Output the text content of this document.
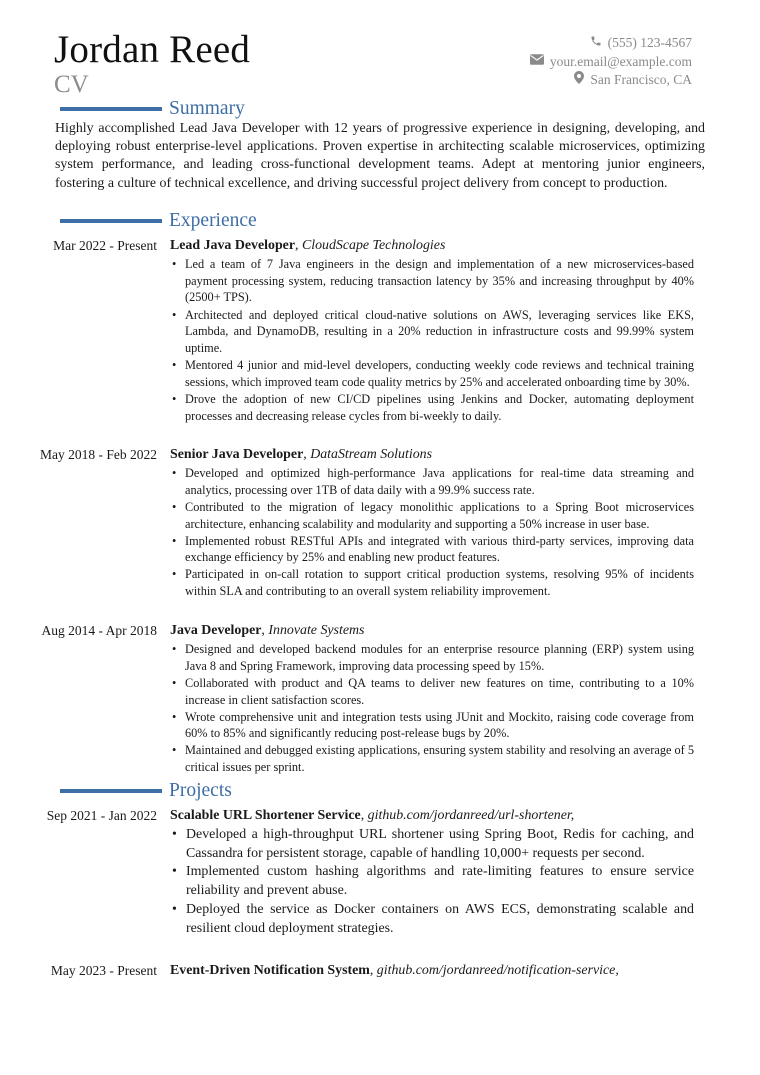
Jordan Reed
CV
(555) 123-4567
your.email@example.com
San Francisco, CA
Summary
Highly accomplished Lead Java Developer with 12 years of progressive experience in designing, developing, and deploying robust enterprise-level applications. Proven expertise in architecting scalable microservices, optimizing system performance, and leading cross-functional development teams. Adept at mentoring junior engineers, fostering a culture of technical excellence, and driving successful project delivery from concept to production.
Experience
Mar 2022 - Present Lead Java Developer, CloudScape Technologies
• Led a team of 7 Java engineers in the design and implementation of a new microservices-based payment processing system, reducing transaction latency by 35% and increasing throughput by 40% (2500+ TPS).
• Architected and deployed critical cloud-native solutions on AWS, leveraging services like EKS, Lambda, and DynamoDB, resulting in a 20% reduction in infrastructure costs and 99.99% system uptime.
• Mentored 4 junior and mid-level developers, conducting weekly code reviews and technical training sessions, which improved team code quality metrics by 25% and accelerated onboarding time by 30%.
• Drove the adoption of new CI/CD pipelines using Jenkins and Docker, automating deployment processes and decreasing release cycles from bi-weekly to daily.
May 2018 - Feb 2022 Senior Java Developer, DataStream Solutions
• Developed and optimized high-performance Java applications for real-time data streaming and analytics, processing over 1TB of data daily with a 99.9% success rate.
• Contributed to the migration of legacy monolithic applications to a Spring Boot microservices architecture, enhancing scalability and modularity and supporting a 50% increase in user base.
• Implemented robust RESTful APIs and integrated with various third-party services, improving data exchange efficiency by 25% and enabling new product features.
• Participated in on-call rotation to support critical production systems, resolving 95% of incidents within SLA and contributing to an overall system reliability improvement.
Aug 2014 - Apr 2018 Java Developer, Innovate Systems
• Designed and developed backend modules for an enterprise resource planning (ERP) system using Java 8 and Spring Framework, improving data processing speed by 15%.
• Collaborated with product and QA teams to deliver new features on time, contributing to a 10% increase in client satisfaction scores.
• Wrote comprehensive unit and integration tests using JUnit and Mockito, raising code coverage from 60% to 85% and significantly reducing post-release bugs by 20%.
• Maintained and debugged existing applications, ensuring system stability and resolving an average of 5 critical issues per sprint.
Projects
Sep 2021 - Jan 2022 Scalable URL Shortener Service, github.com/jordanreed/url-shortener,
• Developed a high-throughput URL shortener using Spring Boot, Redis for caching, and Cassandra for persistent storage, capable of handling 10,000+ requests per second.
• Implemented custom hashing algorithms and rate-limiting features to ensure service reliability and prevent abuse.
• Deployed the service as Docker containers on AWS ECS, demonstrating scalable and resilient cloud deployment strategies.
May 2023 - Present Event-Driven Notification System, github.com/jordanreed/notification-service,
